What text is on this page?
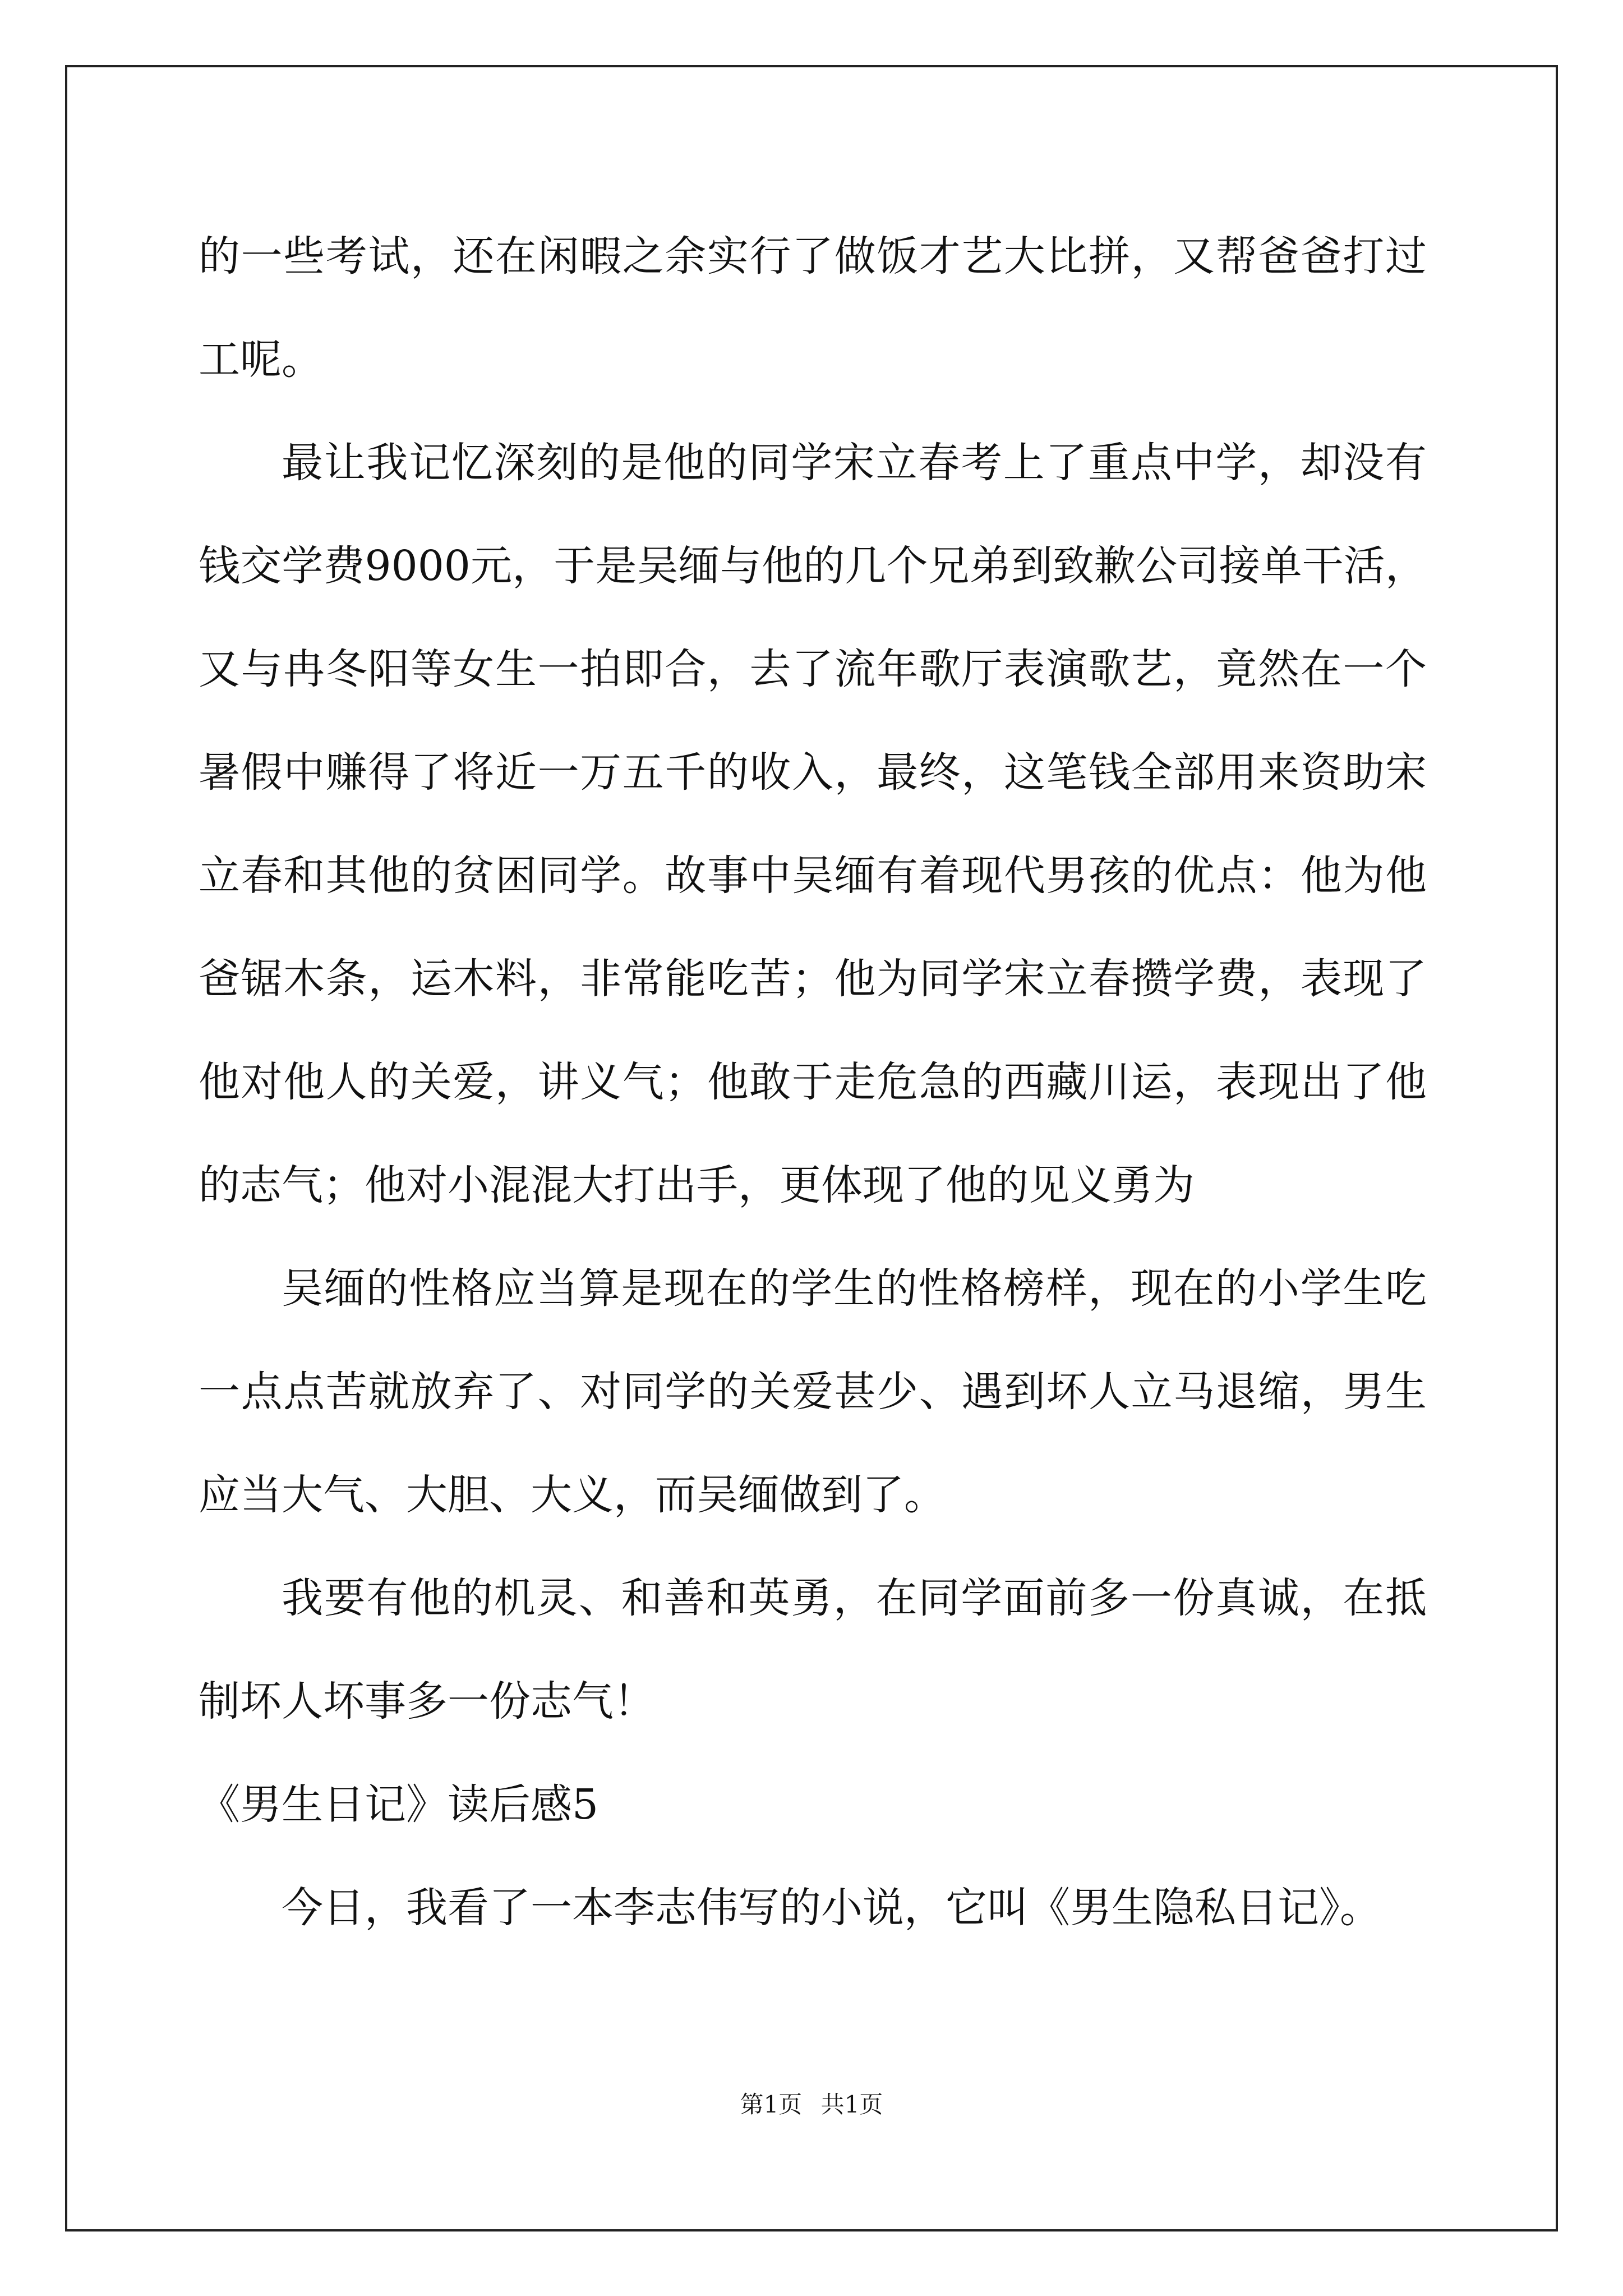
的一些考试，还在闲暇之余实行了做饭才艺大比拼，又帮爸爸打过工呢。

最让我记忆深刻的是他的同学宋立春考上了重点中学，却没有钱交学费9000元，于是吴缅与他的几个兄弟到致歉公司接单干活，又与冉冬阳等女生一拍即合，去了流年歌厅表演歌艺，竟然在一个暑假中赚得了将近一万五千的收入，最终，这笔钱全部用来资助宋立春和其他的贫困同学。故事中吴缅有着现代男孩的优点：他为他爸锯木条，运木料，非常能吃苦；他为同学宋立春攒学费，表现了他对他人的关爱，讲义气；他敢于走危急的西藏川运，表现出了他的志气；他对小混混大打出手，更体现了他的见义勇为

吴缅的性格应当算是现在的学生的性格榜样，现在的小学生吃一点点苦就放弃了、对同学的关爱甚少、遇到坏人立马退缩，男生应当大气、大胆、大义，而吴缅做到了。

我要有他的机灵、和善和英勇，在同学面前多一份真诚，在抵制坏人坏事多一份志气！

《男生日记》读后感5

今日，我看了一本李志伟写的小说，它叫《男生隐私日记》。

第1页 共1页
